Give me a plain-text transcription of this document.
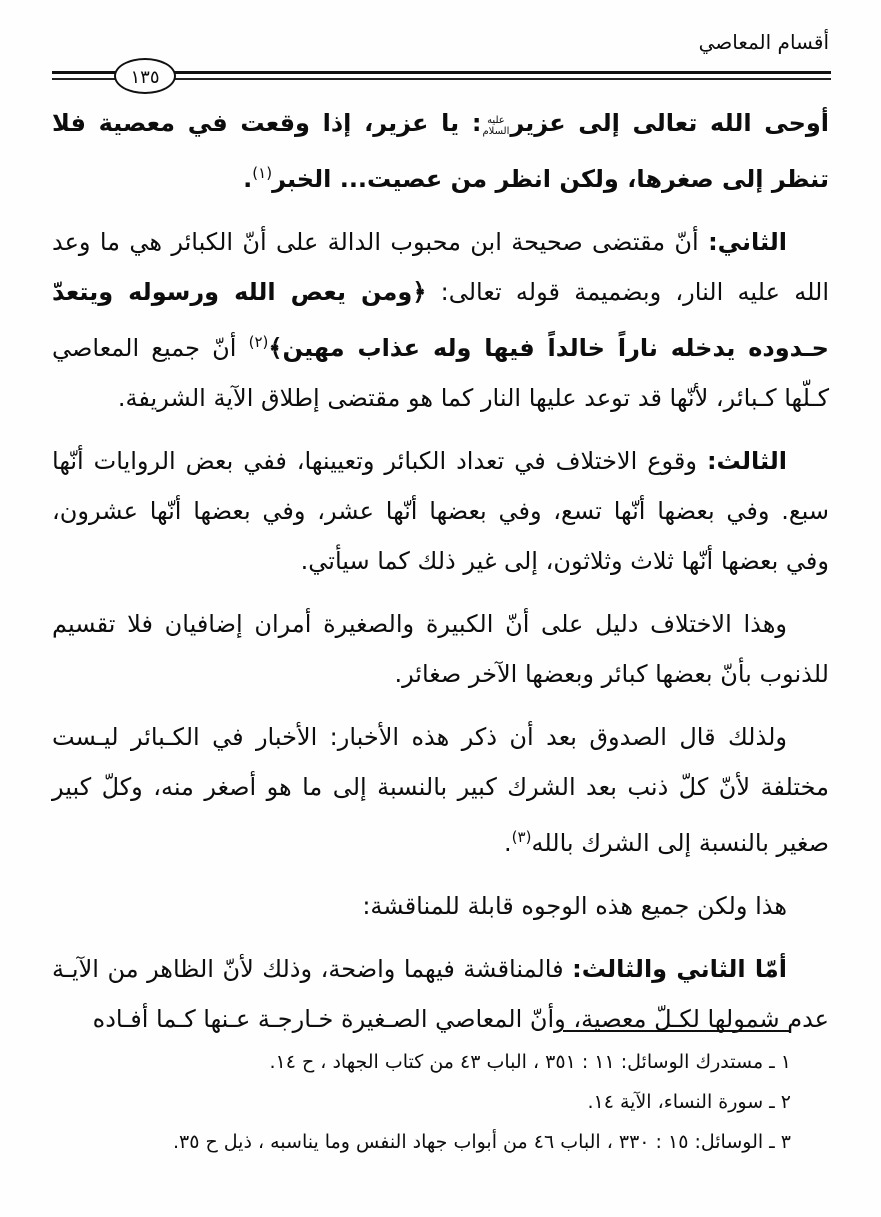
أقسام المعاصي
١٣٥

أوحى الله تعالى إلى عزير
عليه
السلام
: يا عزير، إذا وقعت في معصية فلا تنظر إلى صغرها، ولكن انظر من عصيت... الخبر$^{(١)}$.

الثاني: أنّ مقتضى صحيحة ابن محبوب الدالة على أنّ الكبائر هي ما وعد الله عليه النار، وبضميمة قوله تعالى: ﴿ومن يعص الله ورسوله ويتعدّ حـدوده يدخله ناراً خالداً فيها وله عذاب مهين﴾$^{(٢)}$ أنّ جميع المعاصي كـلّها كـبائر، لأنّها قد توعد عليها النار كما هو مقتضى إطلاق الآية الشريفة.

الثالث: وقوع الاختلاف في تعداد الكبائر وتعيينها، ففي بعض الروايات أنّها سبع. وفي بعضها أنّها تسع، وفي بعضها أنّها عشر، وفي بعضها أنّها عشرون، وفي بعضها أنّها ثلاث وثلاثون، إلى غير ذلك كما سيأتي.

وهذا الاختلاف دليل على أنّ الكبيرة والصغيرة أمران إضافيان فلا تقسيم للذنوب بأنّ بعضها كبائر وبعضها الآخر صغائر.

ولذلك قال الصدوق بعد أن ذكر هذه الأخبار: الأخبار في الكـبائر ليـست مختلفة لأنّ كلّ ذنب بعد الشرك كبير بالنسبة إلى ما هو أصغر منه، وكلّ كبير صغير بالنسبة إلى الشرك بالله$^{(٣)}$.

هذا ولكن جميع هذه الوجوه قابلة للمناقشة:

أمّا الثاني والثالث: فالمناقشة فيهما واضحة، وذلك لأنّ الظاهر من الآيـة عدم شمولها لكـلّ معصية، وأنّ المعاصي الصـغيرة خـارجـة عـنها كـما أفـاده

١ ـ مستدرك الوسائل: ١١ : ٣٥١ ، الباب ٤٣ من كتاب الجهاد ، ح ١٤.
٢ ـ سورة النساء، الآية ١٤.
٣ ـ الوسائل: ١٥ : ٣٣٠ ، الباب ٤٦ من أبواب جهاد النفس وما يناسبه ، ذيل ح ٣٥.
